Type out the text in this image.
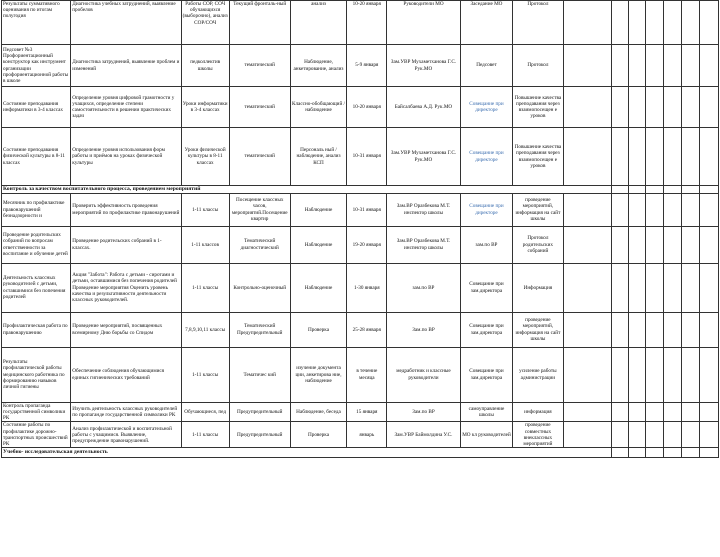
Результаты суммативного оценивания по итогам полугодия	Диагностика учебных затруднений, выявление пробелов	Работы СОР, СОЧ обучающихся (выборочно), анализ СОР/СОЧ	Текущий фронталь-ный	анализ	10-20 января	Руководители МО	Заседание МО	Протокол							
Педсовет №3 Профориентационный конструктор как инструмент организации профориентационной работы в школе	Диагностика затруднений, выявление проблем и изменений	педколлектив школы	тематический	Наблюдение, анкетирование, анализ	5-9 января	Зам.УВР Мухаметханова Г.С. Рук.МО	Педсовет	Протокол							
Состояние преподавания информатики в 3-4 классах	Определение уровня цифровой грамотности у учащихся, определение степени самостоятельности в решении практических задач	Уроки информатики в 3-4 классах	тематический	Классно-обобщающий / наблюдение	10-20 января	Байсалбаева А.Д. Рук.МО	Совещание при директоре	Повышение качества преподавания через взаимопосещен е уроков							
Состояние преподавания физической культуры в 8-11 классах	Определение уровня использования форм работы и приёмов на уроках физической культуры	Уроки физической культуры в 8-11 классах	тематический	Персональ ный / наблюдение, анализ КСП	10-31 января	Зам.УВР Мухаметханова Г.С. Рук.МО	Совещание при директоре	Повышение качества преподавания через взаимопосещен е уроков							
Контроль за качеством воспитательного процесса, проведением мероприятий															
Месячник по профилактике правонарушений безнадзорности и	Проверить эффективность проведения мероприятий по профилактике правонарушений	1-11 классы	Посещение классных часов, мероприятий.Посещение квартир	Наблюдение	10-31 января	Зам.ВР Оразбекова М.Т. инспектор школы	Совещание при директоре	проведение мероприятий, информация на сайт школы							
Проведение родительских собраний по вопросам ответственности за воспитание и обучение детей	Проведение родительских собраний в 1-классах.	1-11 классов	Тематический диагностический	Наблюдение	19-20 января	Зам.ВР Оразбекова М.Т. инспектор школы	зам.по ВР	Протокол родительских собраний							
Деятельность классных руководителей с детьми, оставшимися без попечения родителей	Акция "Забота": Работа с детьми - сиротами и детьми, оставшимися без попечения родителей Проведение мероприятия Оценить уровень качества и результативности деятельности классных руководителей.	1-11 классы	Контрольно-оценочный	Наблюдение	1-30 января	зам.по ВР	Совещание при зам.директора	Информация							
Профилактическая работа по правонарушению	Проведение мероприятий, посвященных всемирному Дню борьбы со Спидом	7,8,9,10,11 классы	Тематический Предупредительный	Проверка	25-28 января	Зам.по ВР	Совещание при зам.директора	проведение мероприятий, информация на сайт школы							
Результаты профилактической работы медицинского работника по формированию навыков личной гигиены	Обеспечение соблюдения обучающимися единых гигиенических требований	1-11 классы	Тематичес кий	изучение документа ции, анкетирова ние, наблюдение	в течение месяца	медработник и классные руководители	Совещание при зам.директора	усиление работы администрации							
Контроль пропаганда государственной символики РК	Изучить деятельность классных руководителей по пропаганде государственной символики РК	Обучающиеся, пед	Предупредительный	Наблюдение, беседа	15 января	Зам.по ВР	самоуправление школы	информация							
Состояние работы по профилактике дорожно-транспортных происшествий РК	Анализ профилактической и воспитательной работы с учащимися. Выявление, предупреждение правонарушений.	1-11 классы	Предупредительный	Проверка	январь	Зам.УВР Баймолдина У.С.	МО кл руководителей	проведение совместных внеклассных мероприятий							
Учебно- исследовательская деятельность															
